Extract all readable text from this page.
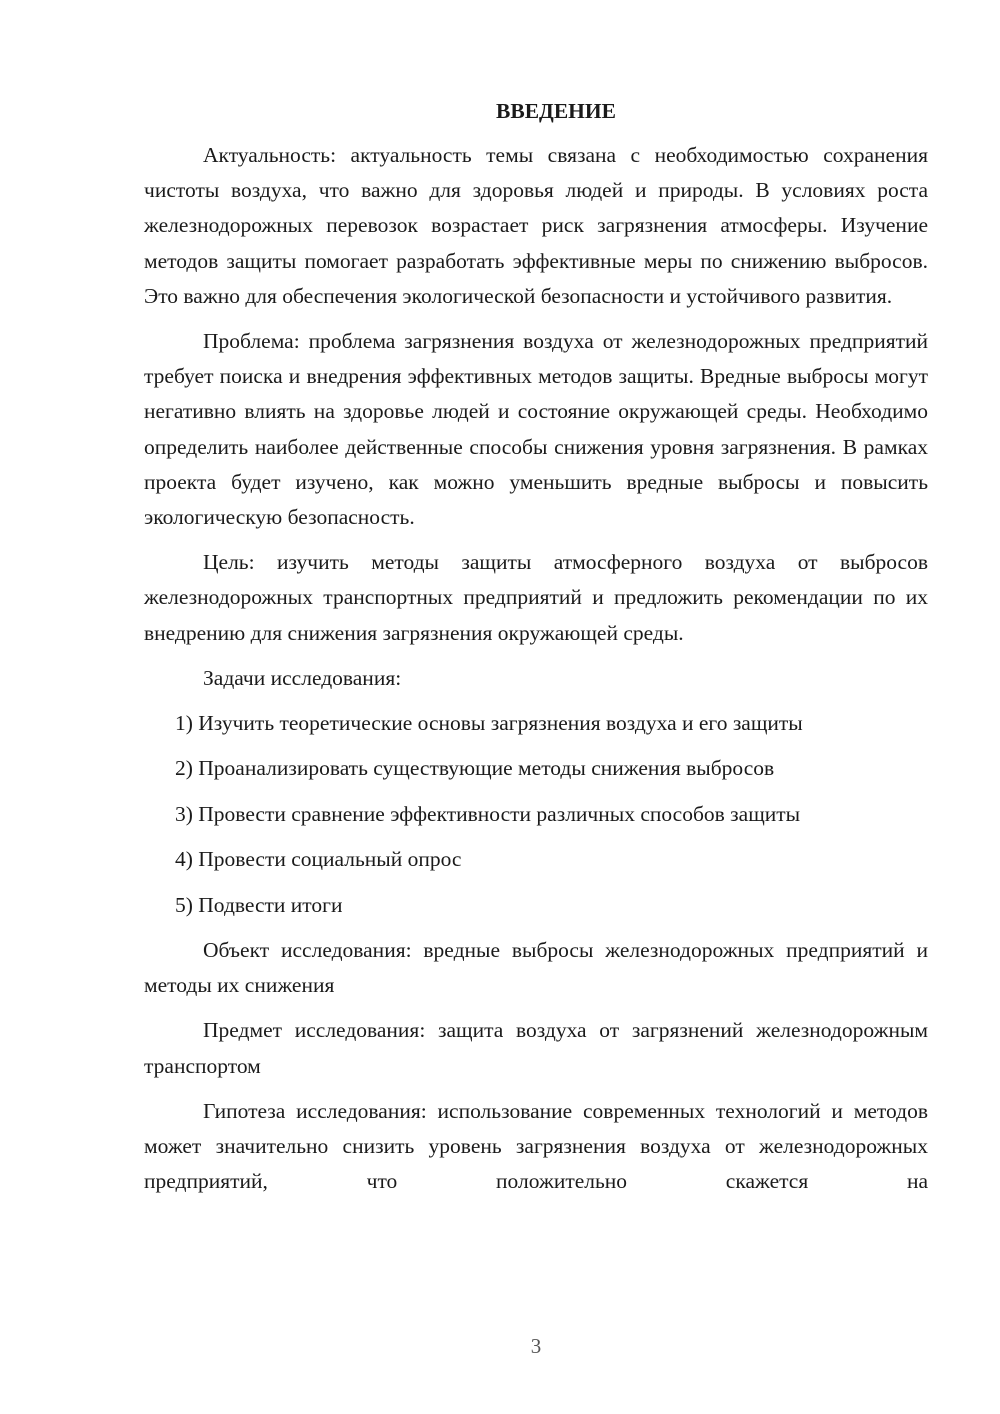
ВВЕДЕНИЕ

Актуальность: актуальность темы связана с необходимостью сохранения чистоты воздуха, что важно для здоровья людей и природы. В условиях роста железнодорожных перевозок возрастает риск загрязнения атмосферы. Изучение методов защиты помогает разработать эффективные меры по снижению выбросов. Это важно для обеспечения экологической безопасности и устойчивого развития.

Проблема: проблема загрязнения воздуха от железнодорожных предприятий требует поиска и внедрения эффективных методов защиты. Вредные выбросы могут негативно влиять на здоровье людей и состояние окружающей среды. Необходимо определить наиболее действенные способы снижения уровня загрязнения. В рамках проекта будет изучено, как можно уменьшить вредные выбросы и повысить экологическую безопасность.

Цель: изучить методы защиты атмосферного воздуха от выбросов железнодорожных транспортных предприятий и предложить рекомендации по их внедрению для снижения загрязнения окружающей среды.

Задачи исследования:

1) Изучить теоретические основы загрязнения воздуха и его защиты
2) Проанализировать существующие методы снижения выбросов
3) Провести сравнение эффективности различных способов защиты
4) Провести социальный опрос
5) Подвести итоги

Объект исследования: вредные выбросы железнодорожных предприятий и методы их снижения

Предмет исследования: защита воздуха от загрязнений железнодорожным транспортом

Гипотеза исследования: использование современных технологий и методов может значительно снизить уровень загрязнения воздуха от железнодорожных предприятий, что положительно скажется на

3
